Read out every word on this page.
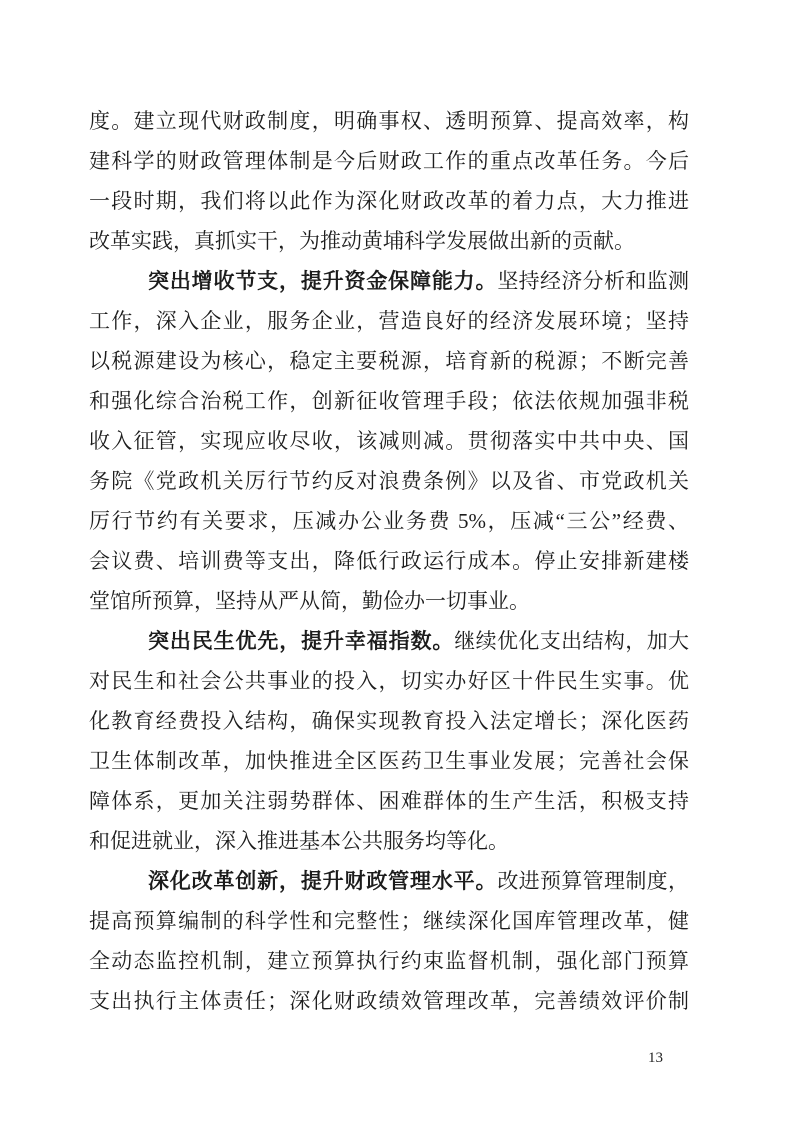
度。建立现代财政制度，明确事权、透明预算、提高效率，构
建科学的财政管理体制是今后财政工作的重点改革任务。今后
一段时期，我们将以此作为深化财政改革的着力点，大力推进
改革实践，真抓实干，为推动黄埔科学发展做出新的贡献。
突出增收节支，提升资金保障能力。坚持经济分析和监测
工作，深入企业，服务企业，营造良好的经济发展环境；坚持
以税源建设为核心，稳定主要税源，培育新的税源；不断完善
和强化综合治税工作，创新征收管理手段；依法依规加强非税
收入征管，实现应收尽收，该减则减。贯彻落实中共中央、国
务院《党政机关厉行节约反对浪费条例》以及省、市党政机关
厉行节约有关要求，压减办公业务费 5%，压减“三公”经费、
会议费、培训费等支出，降低行政运行成本。停止安排新建楼
堂馆所预算，坚持从严从简，勤俭办一切事业。
突出民生优先，提升幸福指数。继续优化支出结构，加大
对民生和社会公共事业的投入，切实办好区十件民生实事。优
化教育经费投入结构，确保实现教育投入法定增长；深化医药
卫生体制改革，加快推进全区医药卫生事业发展；完善社会保
障体系，更加关注弱势群体、困难群体的生产生活，积极支持
和促进就业，深入推进基本公共服务均等化。
深化改革创新，提升财政管理水平。改进预算管理制度，
提高预算编制的科学性和完整性；继续深化国库管理改革，健
全动态监控机制，建立预算执行约束监督机制，强化部门预算
支出执行主体责任；深化财政绩效管理改革，完善绩效评价制
13
